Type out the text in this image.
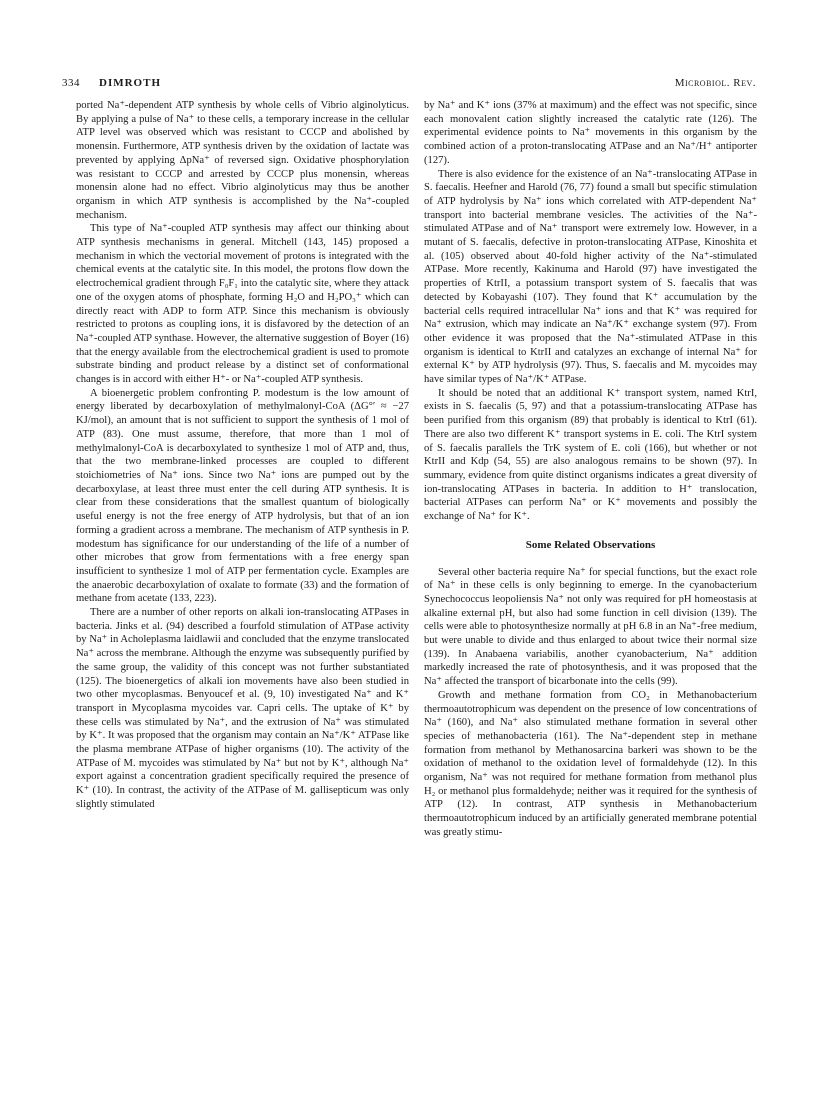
334 DIMROTH	Microbiol. Rev.

ported Na⁺-dependent ATP synthesis by whole cells of Vibrio alginolyticus. By applying a pulse of Na⁺ to these cells, a temporary increase in the cellular ATP level was observed which was resistant to CCCP and abolished by monensin. Furthermore, ATP synthesis driven by the oxidation of lactate was prevented by applying ΔpNa⁺ of reversed sign. Oxidative phosphorylation was resistant to CCCP and arrested by CCCP plus monensin, whereas monensin alone had no effect. Vibrio alginolyticus may thus be another organism in which ATP synthesis is accomplished by the Na⁺-coupled mechanism.

This type of Na⁺-coupled ATP synthesis may affect our thinking about ATP synthesis mechanisms in general. Mitchell (143, 145) proposed a mechanism in which the vectorial movement of protons is integrated with the chemical events at the catalytic site. In this model, the protons flow down the electrochemical gradient through F₀F₁ into the catalytic site, where they attack one of the oxygen atoms of phosphate, forming H₂O and H₂PO₃⁺ which can directly react with ADP to form ATP. Since this mechanism is obviously restricted to protons as coupling ions, it is disfavored by the detection of an Na⁺-coupled ATP synthase. However, the alternative suggestion of Boyer (16) that the energy available from the electrochemical gradient is used to promote substrate binding and product release by a distinct set of conformational changes is in accord with either H⁺- or Na⁺-coupled ATP synthesis.

A bioenergetic problem confronting P. modestum is the low amount of energy liberated by decarboxylation of methylmalonyl-CoA (ΔG°′ ≈ −27 KJ/mol), an amount that is not sufficient to support the synthesis of 1 mol of ATP (83). One must assume, therefore, that more than 1 mol of methylmalonyl-CoA is decarboxylated to synthesize 1 mol of ATP and, thus, that the two membrane-linked processes are coupled to different stoichiometries of Na⁺ ions. Since two Na⁺ ions are pumped out by the decarboxylase, at least three must enter the cell during ATP synthesis. It is clear from these considerations that the smallest quantum of biologically useful energy is not the free energy of ATP hydrolysis, but that of an ion forming a gradient across a membrane. The mechanism of ATP synthesis in P. modestum has significance for our understanding of the life of a number of other microbes that grow from fermentations with a free energy span insufficient to synthesize 1 mol of ATP per fermentation cycle. Examples are the anaerobic decarboxylation of oxalate to formate (33) and the formation of methane from acetate (133, 223).

There are a number of other reports on alkali ion-translocating ATPases in bacteria. Jinks et al. (94) described a fourfold stimulation of ATPase activity by Na⁺ in Acholeplasma laidlawii and concluded that the enzyme translocated Na⁺ across the membrane. Although the enzyme was subsequently purified by the same group, the validity of this concept was not further substantiated (125). The bioenergetics of alkali ion movements have also been studied in two other mycoplasmas. Benyoucef et al. (9, 10) investigated Na⁺ and K⁺ transport in Mycoplasma mycoides var. Capri cells. The uptake of K⁺ by these cells was stimulated by Na⁺, and the extrusion of Na⁺ was stimulated by K⁺. It was proposed that the organism may contain an Na⁺/K⁺ ATPase like the plasma membrane ATPase of higher organisms (10). The activity of the ATPase of M. mycoides was stimulated by Na⁺ but not by K⁺, although Na⁺ export against a concentration gradient specifically required the presence of K⁺ (10). In contrast, the activity of the ATPase of M. gallisepticum was only slightly stimulated

by Na⁺ and K⁺ ions (37% at maximum) and the effect was not specific, since each monovalent cation slightly increased the catalytic rate (126). The experimental evidence points to Na⁺ movements in this organism by the combined action of a proton-translocating ATPase and an Na⁺/H⁺ antiporter (127).

There is also evidence for the existence of an Na⁺-translocating ATPase in S. faecalis. Heefner and Harold (76, 77) found a small but specific stimulation of ATP hydrolysis by Na⁺ ions which correlated with ATP-dependent Na⁺ transport into bacterial membrane vesicles. The activities of the Na⁺-stimulated ATPase and of Na⁺ transport were extremely low. However, in a mutant of S. faecalis, defective in proton-translocating ATPase, Kinoshita et al. (105) observed about 40-fold higher activity of the Na⁺-stimulated ATPase. More recently, Kakinuma and Harold (97) have investigated the properties of KtrII, a potassium transport system of S. faecalis that was detected by Kobayashi (107). They found that K⁺ accumulation by the bacterial cells required intracellular Na⁺ ions and that K⁺ was required for Na⁺ extrusion, which may indicate an Na⁺/K⁺ exchange system (97). From other evidence it was proposed that the Na⁺-stimulated ATPase in this organism is identical to KtrII and catalyzes an exchange of internal Na⁺ for external K⁺ by ATP hydrolysis (97). Thus, S. faecalis and M. mycoides may have similar types of Na⁺/K⁺ ATPase.

It should be noted that an additional K⁺ transport system, named KtrI, exists in S. faecalis (5, 97) and that a potassium-translocating ATPase has been purified from this organism (89) that probably is identical to KtrI (61). There are also two different K⁺ transport systems in E. coli. The KtrI system of S. faecalis parallels the TrK system of E. coli (166), but whether or not KtrII and Kdp (54, 55) are also analogous remains to be shown (97). In summary, evidence from quite distinct organisms indicates a great diversity of ion-translocating ATPases in bacteria. In addition to H⁺ translocation, bacterial ATPases can perform Na⁺ or K⁺ movements and possibly the exchange of Na⁺ for K⁺.

Some Related Observations

Several other bacteria require Na⁺ for special functions, but the exact role of Na⁺ in these cells is only beginning to emerge. In the cyanobacterium Synechococcus leopoliensis Na⁺ not only was required for pH homeostasis at alkaline external pH, but also had some function in cell division (139). The cells were able to photosynthesize normally at pH 6.8 in an Na⁺-free medium, but were unable to divide and thus enlarged to about twice their normal size (139). In Anabaena variabilis, another cyanobacterium, Na⁺ addition markedly increased the rate of photosynthesis, and it was proposed that the Na⁺ affected the transport of bicarbonate into the cells (99).

Growth and methane formation from CO₂ in Methanobacterium thermoautotrophicum was dependent on the presence of low concentrations of Na⁺ (160), and Na⁺ also stimulated methane formation in several other species of methanobacteria (161). The Na⁺-dependent step in methane formation from methanol by Methanosarcina barkeri was shown to be the oxidation of methanol to the oxidation level of formaldehyde (12). In this organism, Na⁺ was not required for methane formation from methanol plus H₂ or methanol plus formaldehyde; neither was it required for the synthesis of ATP (12). In contrast, ATP synthesis in Methanobacterium thermoautotrophicum induced by an artificially generated membrane potential was greatly stimu-
